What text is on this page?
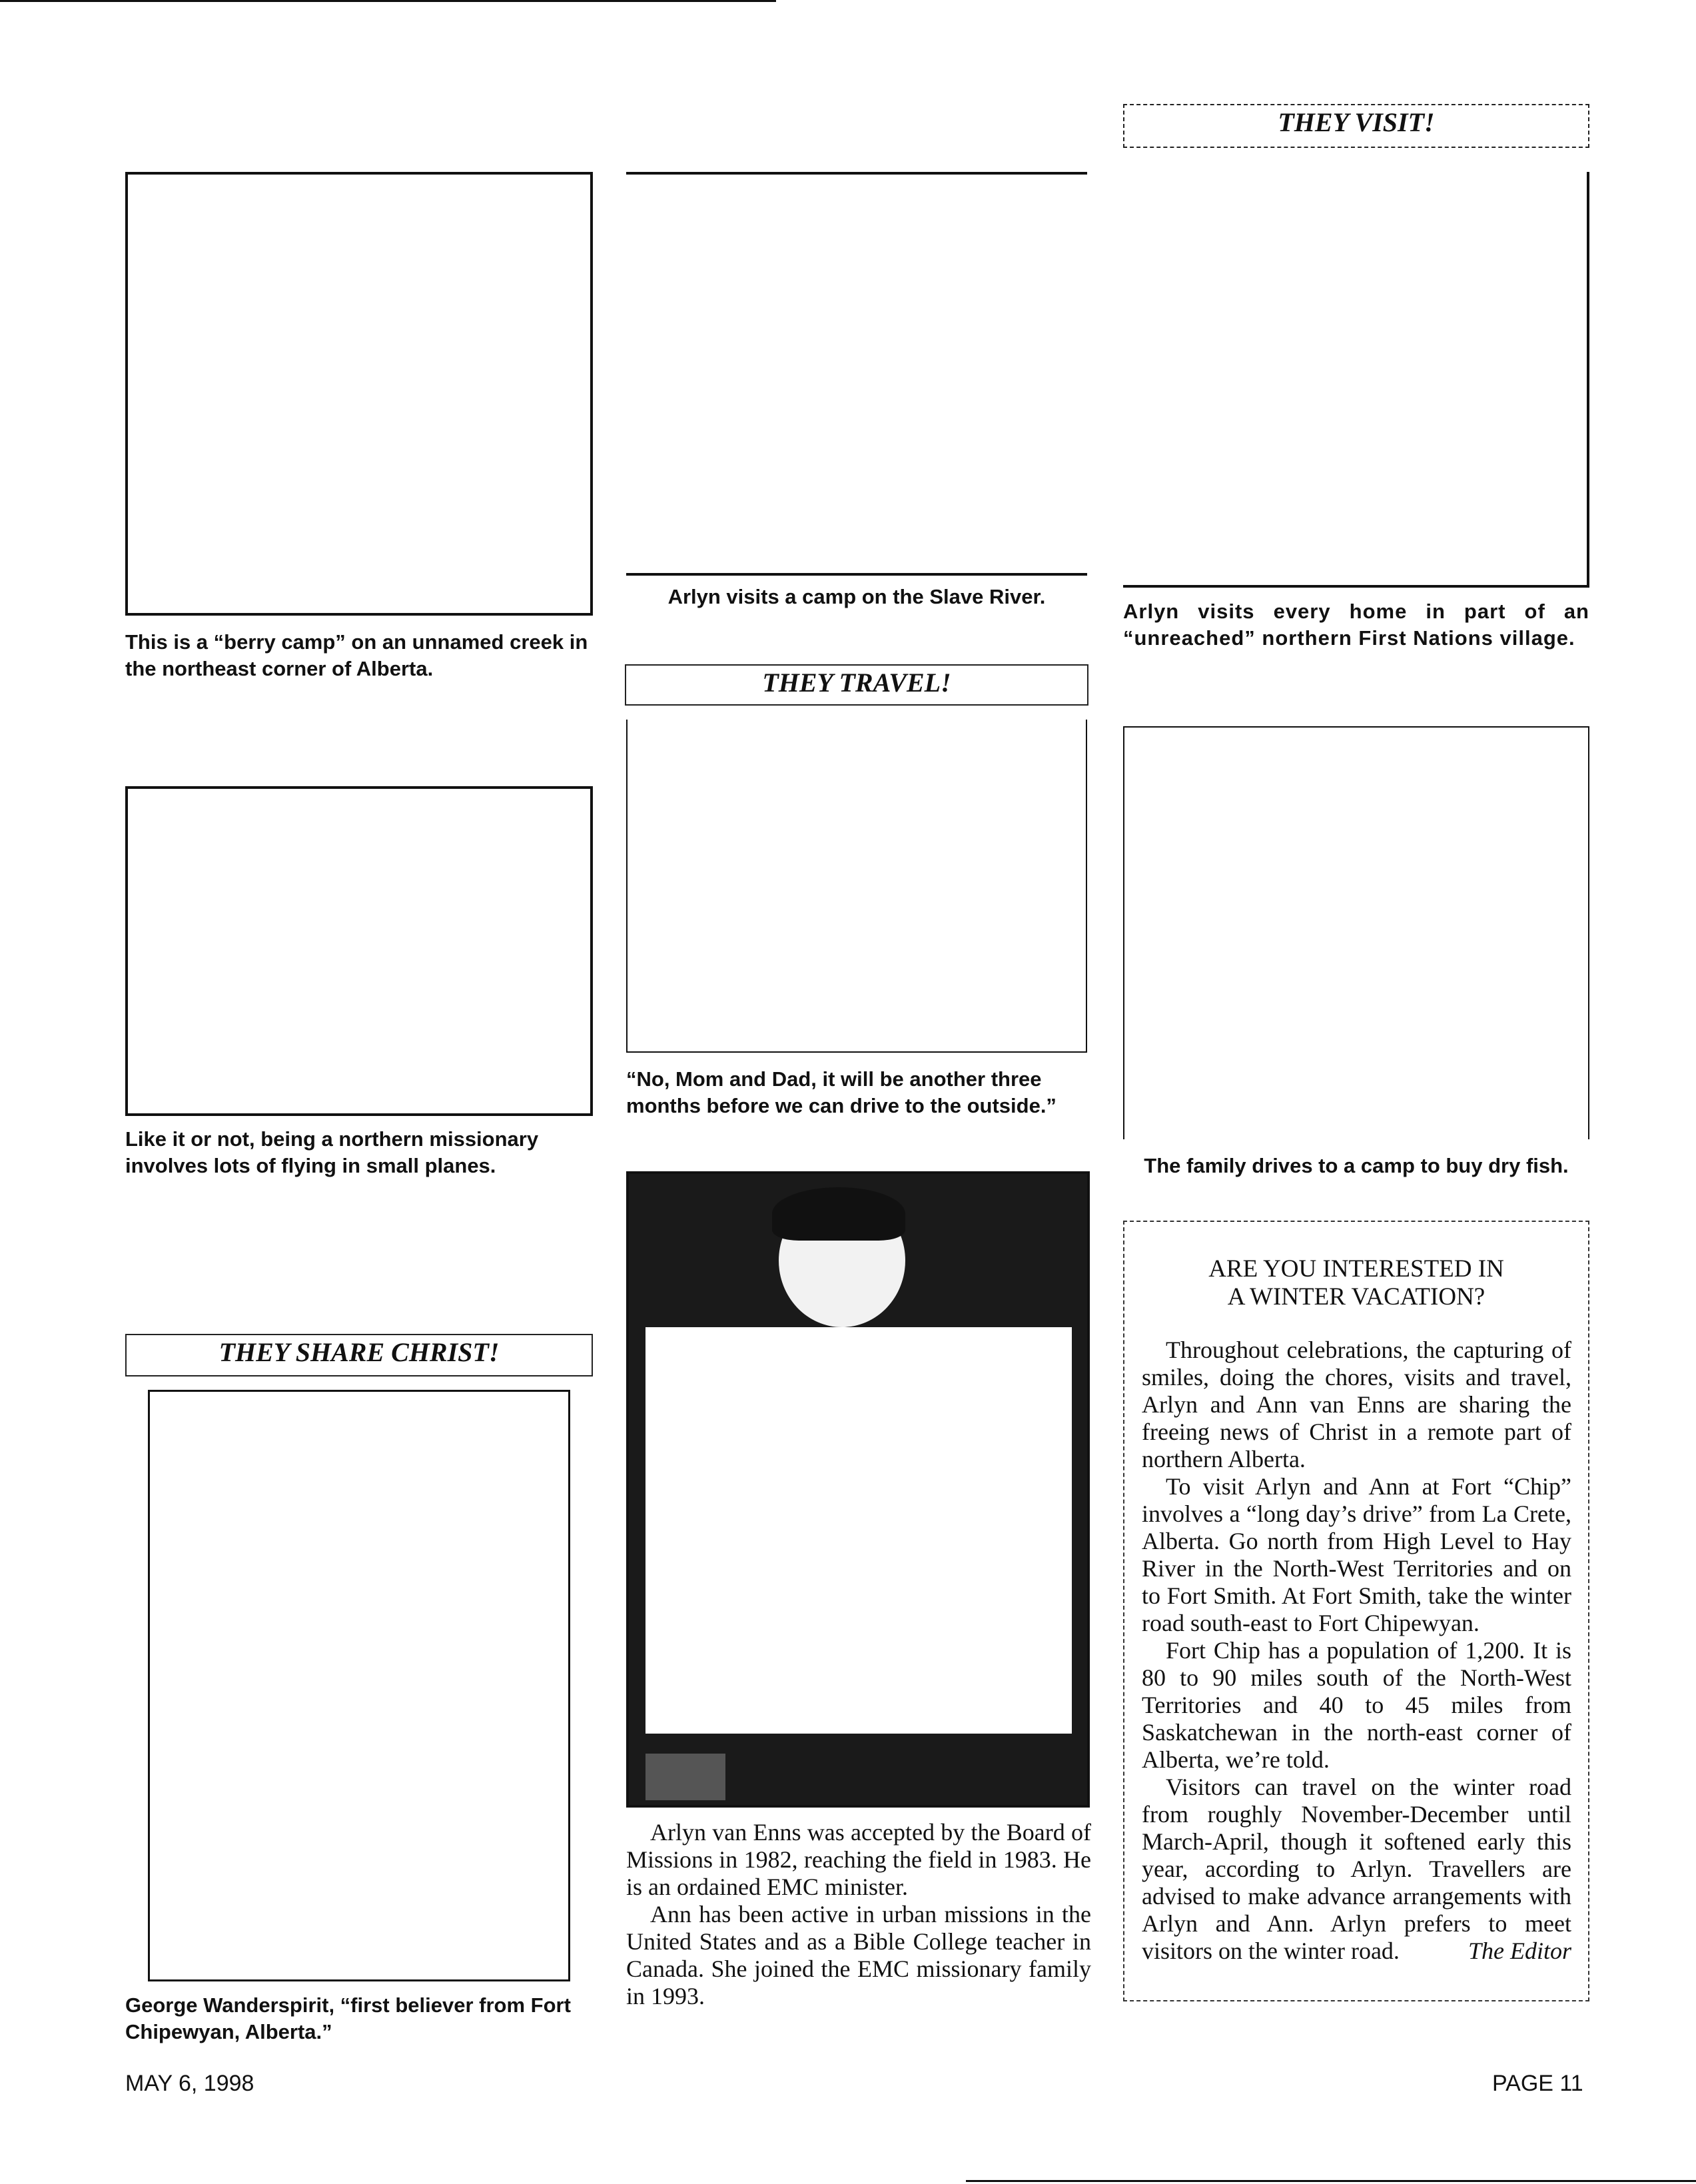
This is a “berry camp” on an unnamed creek in the northeast corner of Alberta.
Like it or not, being a northern missionary involves lots of flying in small planes.
THEY SHARE CHRIST!
George Wanderspirit, “first believer from Fort Chipewyan, Alberta.”
Arlyn visits a camp on the Slave River.
THEY TRAVEL!
“No, Mom and Dad, it will be another three months before we can drive to the outside.”

Arlyn van Enns was accepted by the Board of Missions in 1982, reaching the field in 1983. He is an ordained EMC minister.

Ann has been active in urban missions in the United States and as a Bible College teacher in Canada. She joined the EMC missionary family in 1993.

THEY VISIT!
Arlyn visits every home in part of an “unreached” northern First Nations village.
The family drives to a camp to buy dry fish.
ARE YOU INTERESTED IN
A WINTER VACATION?

Throughout celebrations, the capturing of smiles, doing the chores, visits and travel, Arlyn and Ann van Enns are sharing the freeing news of Christ in a remote part of northern Alberta.

To visit Arlyn and Ann at Fort “Chip” involves a “long day’s drive” from La Crete, Alberta. Go north from High Level to Hay River in the North-West Territories and on to Fort Smith. At Fort Smith, take the winter road south-east to Fort Chipewyan.

Fort Chip has a population of 1,200. It is 80 to 90 miles south of the North-West Territories and 40 to 45 miles from Saskatchewan in the north-east corner of Alberta, we’re told.

Visitors can travel on the winter road from roughly November-December until March-April, though it softened early this year, according to Arlyn. Travellers are advised to make advance arrangements with Arlyn and Ann. Arlyn prefers to meet visitors on the winter road.	The Editor

MAY 6, 1998	PAGE 11
